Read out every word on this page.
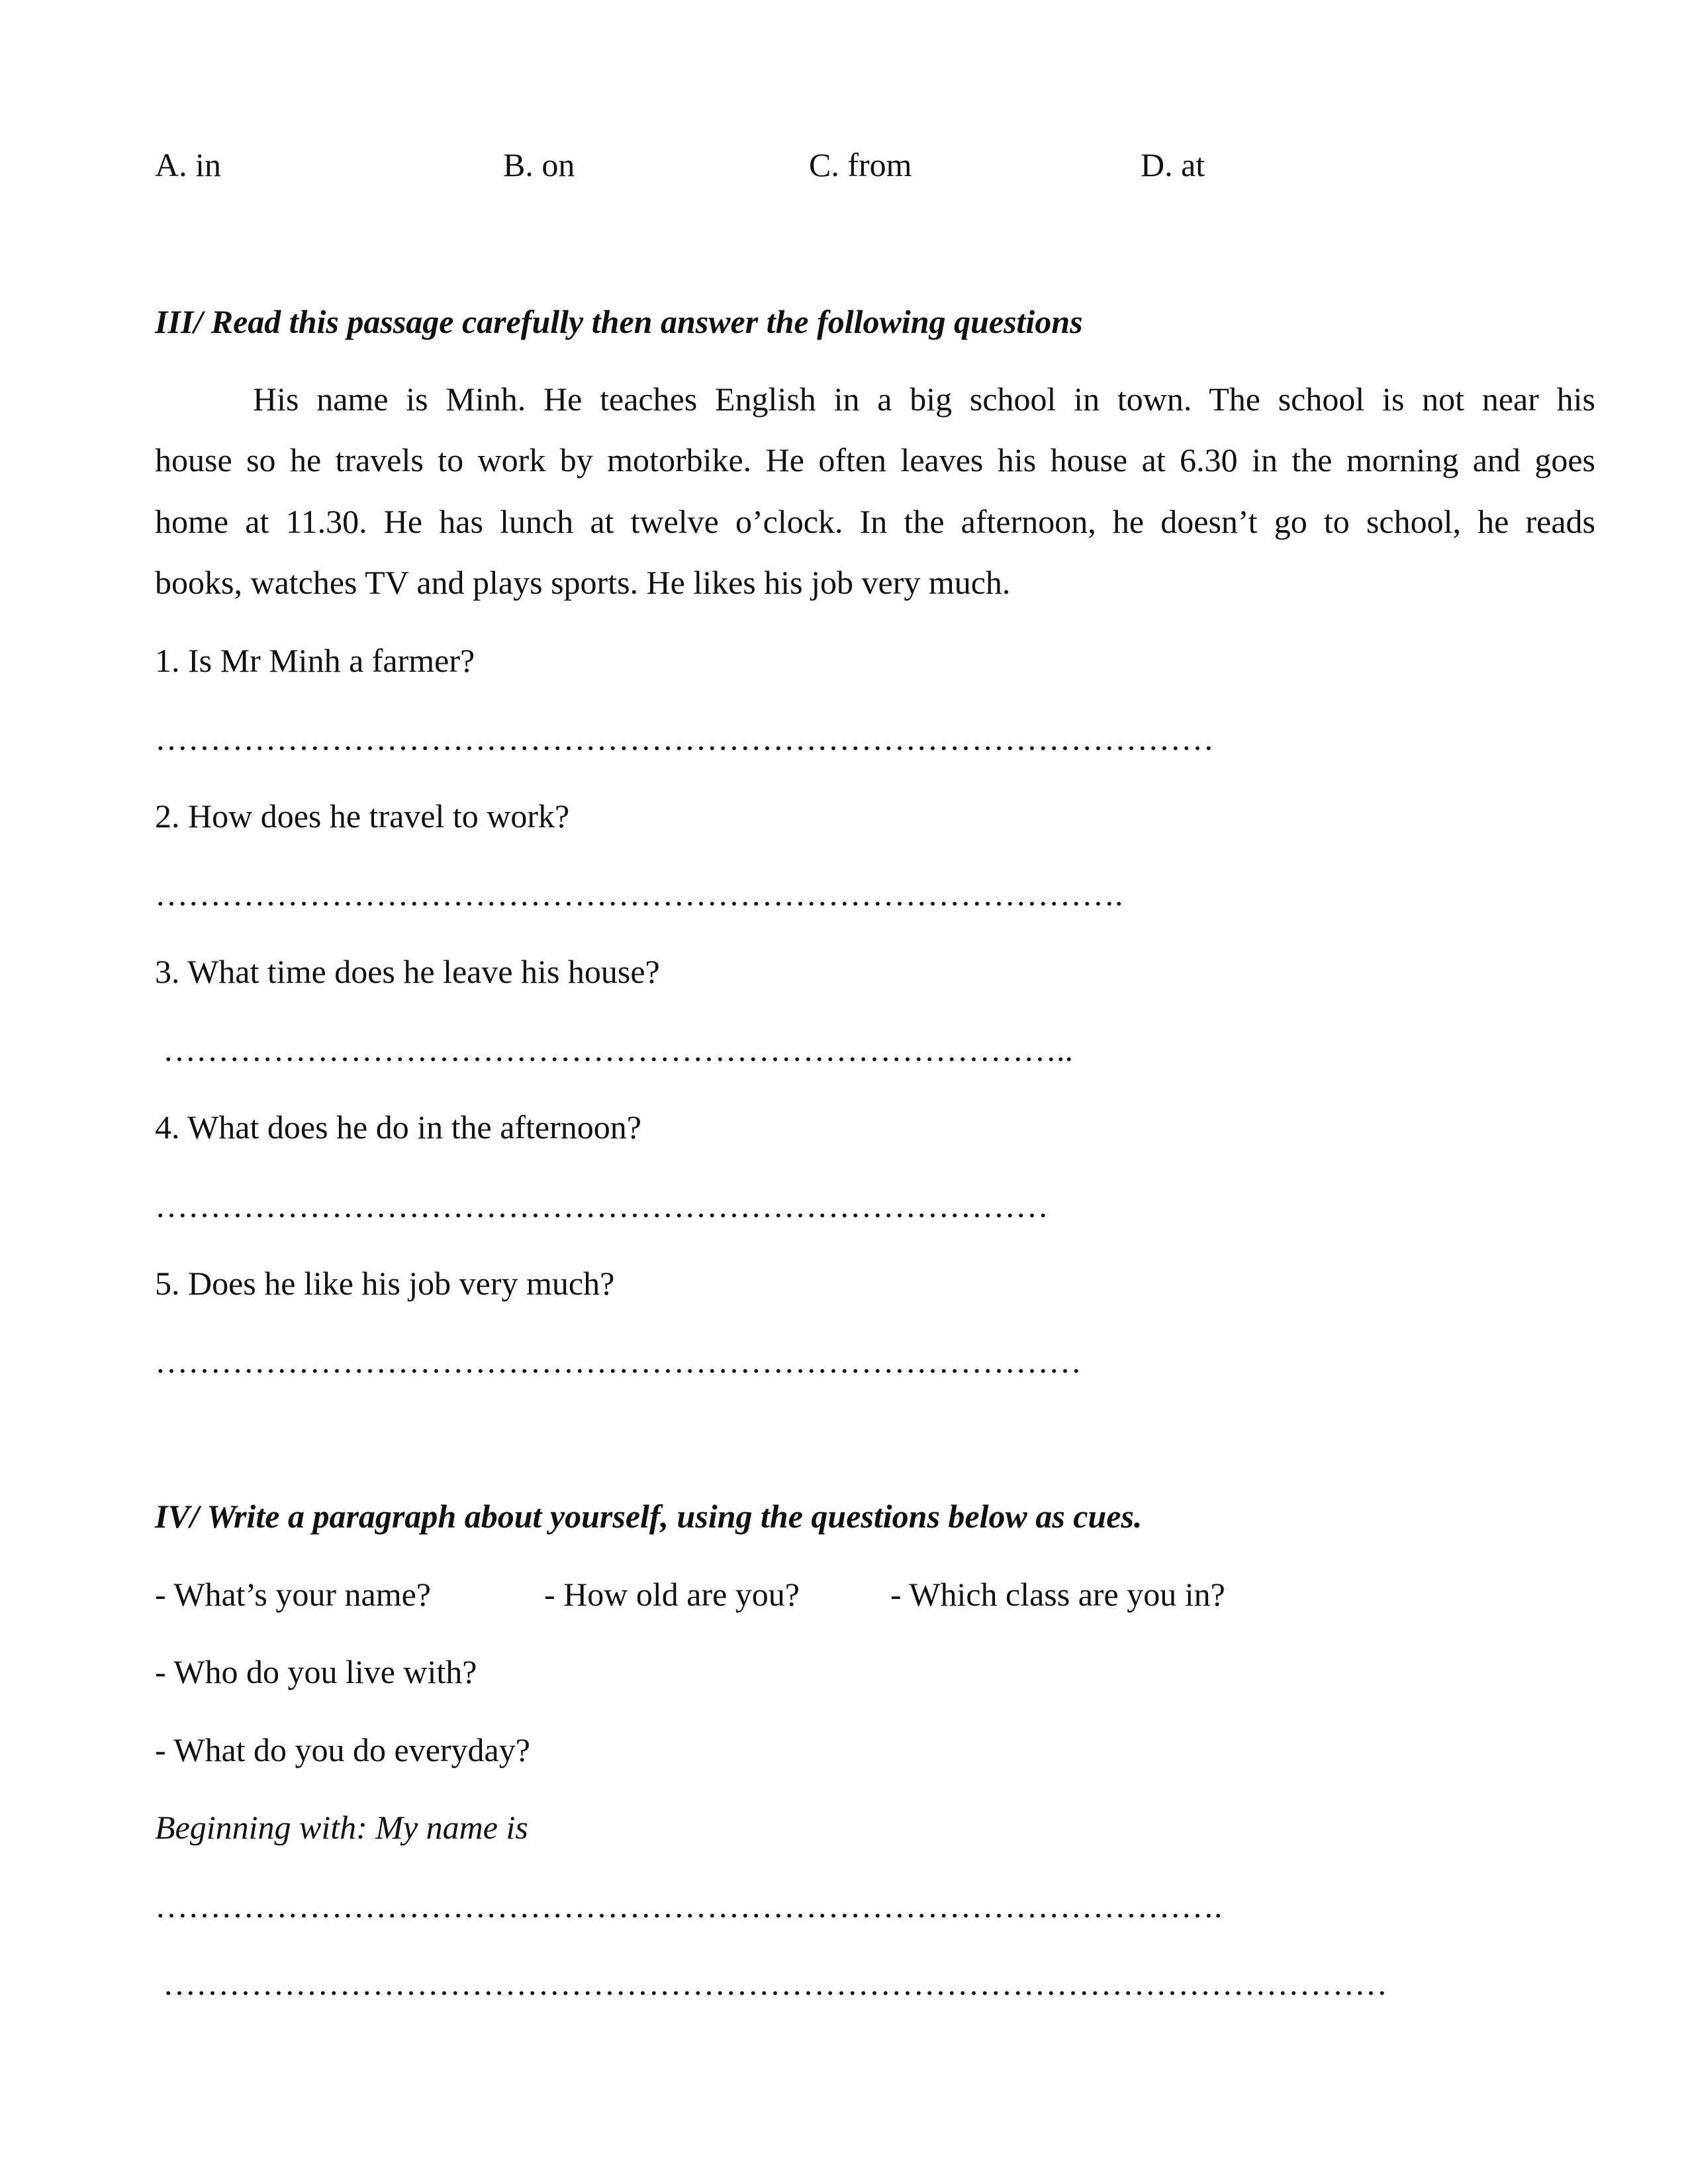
A. in	B. on	C. from	D. at
III/ Read this passage carefully then answer the following questions
His name is Minh. He teaches English in a big school in town. The school is not near his
house so he travels to work by motorbike. He often leaves his house at 6.30 in the morning and goes
home at 11.30. He has lunch at twelve o’clock. In the afternoon, he doesn’t go to school, he reads
books, watches TV and plays sports. He likes his job very much.
1. Is Mr Minh a farmer?
……………………………………………………………………………………
2. How does he travel to work?
…………………………………………………………………………….
3. What time does he leave his house?
………………………………………………………………………..
4. What does he do in the afternoon?
………………………………………………………………………
5. Does he like his job very much?
…………………………………………………………………………
IV/ Write a paragraph about yourself, using the questions below as cues.
- What’s your name?	- How old are you?	- Which class are you in?
- Who do you live with?
- What do you do everyday?
Beginning with: My name is
…………………………………………………………………………………….
…………………………………………………………………………………………………
